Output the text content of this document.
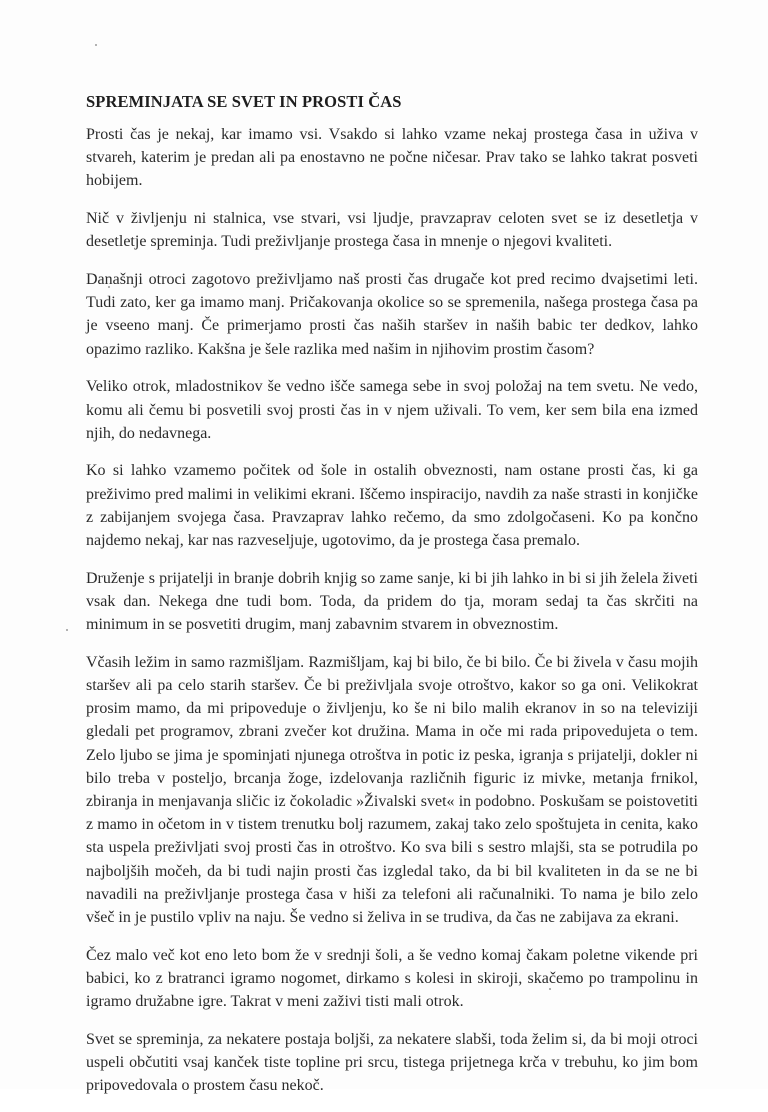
SPREMINJATA SE SVET IN PROSTI ČAS

Prosti čas je nekaj, kar imamo vsi. Vsakdo si lahko vzame nekaj prostega časa in uživa v stvareh, katerim je predan ali pa enostavno ne počne ničesar. Prav tako se lahko takrat posveti hobijem.

Nič v življenju ni stalnica, vse stvari, vsi ljudje, pravzaprav celoten svet se iz desetletja v desetletje spreminja. Tudi preživljanje prostega časa in mnenje o njegovi kvaliteti.

Današnji otroci zagotovo preživljamo naš prosti čas drugače kot pred recimo dvajsetimi leti. Tudi zato, ker ga imamo manj. Pričakovanja okolice so se spremenila, našega prostega časa pa je vseeno manj. Če primerjamo prosti čas naših staršev in naših babic ter dedkov, lahko opazimo razliko. Kakšna je šele razlika med našim in njihovim prostim časom?

Veliko otrok, mladostnikov še vedno išče samega sebe in svoj položaj na tem svetu. Ne vedo, komu ali čemu bi posvetili svoj prosti čas in v njem uživali. To vem, ker sem bila ena izmed njih, do nedavnega.

Ko si lahko vzamemo počitek od šole in ostalih obveznosti, nam ostane prosti čas, ki ga preživimo pred malimi in velikimi ekrani. Iščemo inspiracijo, navdih za naše strasti in konjičke z zabijanjem svojega časa. Pravzaprav lahko rečemo, da smo zdolgočaseni. Ko pa končno najdemo nekaj, kar nas razveseljuje, ugotovimo, da je prostega časa premalo.

Druženje s prijatelji in branje dobrih knjig so zame sanje, ki bi jih lahko in bi si jih želela živeti vsak dan. Nekega dne tudi bom. Toda, da pridem do tja, moram sedaj ta čas skrčiti na minimum in se posvetiti drugim, manj zabavnim stvarem in obveznostim.

Včasih ležim in samo razmišljam. Razmišljam, kaj bi bilo, če bi bilo. Če bi živela v času mojih staršev ali pa celo starih staršev. Če bi preživljala svoje otroštvo, kakor so ga oni. Velikokrat prosim mamo, da mi pripoveduje o življenju, ko še ni bilo malih ekranov in so na televiziji gledali pet programov, zbrani zvečer kot družina. Mama in oče mi rada pripovedujeta o tem. Zelo ljubo se jima je spominjati njunega otroštva in potic iz peska, igranja s prijatelji, dokler ni bilo treba v posteljo, brcanja žoge, izdelovanja različnih figuric iz mivke, metanja frnikol, zbiranja in menjavanja sličic iz čokoladic »Živalski svet« in podobno. Poskušam se poistovetiti z mamo in očetom in v tistem trenutku bolj razumem, zakaj tako zelo spoštujeta in cenita, kako sta uspela preživljati svoj prosti čas in otroštvo. Ko sva bili s sestro mlajši, sta se potrudila po najboljših močeh, da bi tudi najin prosti čas izgledal tako, da bi bil kvaliteten in da se ne bi navadili na preživljanje prostega časa v hiši za telefoni ali računalniki. To nama je bilo zelo všeč in je pustilo vpliv na naju. Še vedno si želiva in se trudiva, da čas ne zabijava za ekrani.

Čez malo več kot eno leto bom že v srednji šoli, a še vedno komaj čakam poletne vikende pri babici, ko z bratranci igramo nogomet, dirkamo s kolesi in skiroji, skačemo po trampolinu in igramo družabne igre. Takrat v meni zaživi tisti mali otrok.

Svet se spreminja, za nekatere postaja boljši, za nekatere slabši, toda želim si, da bi moji otroci uspeli občutiti vsaj kanček tiste topline pri srcu, tistega prijetnega krča v trebuhu, ko jim bom pripovedovala o prostem času nekoč.
